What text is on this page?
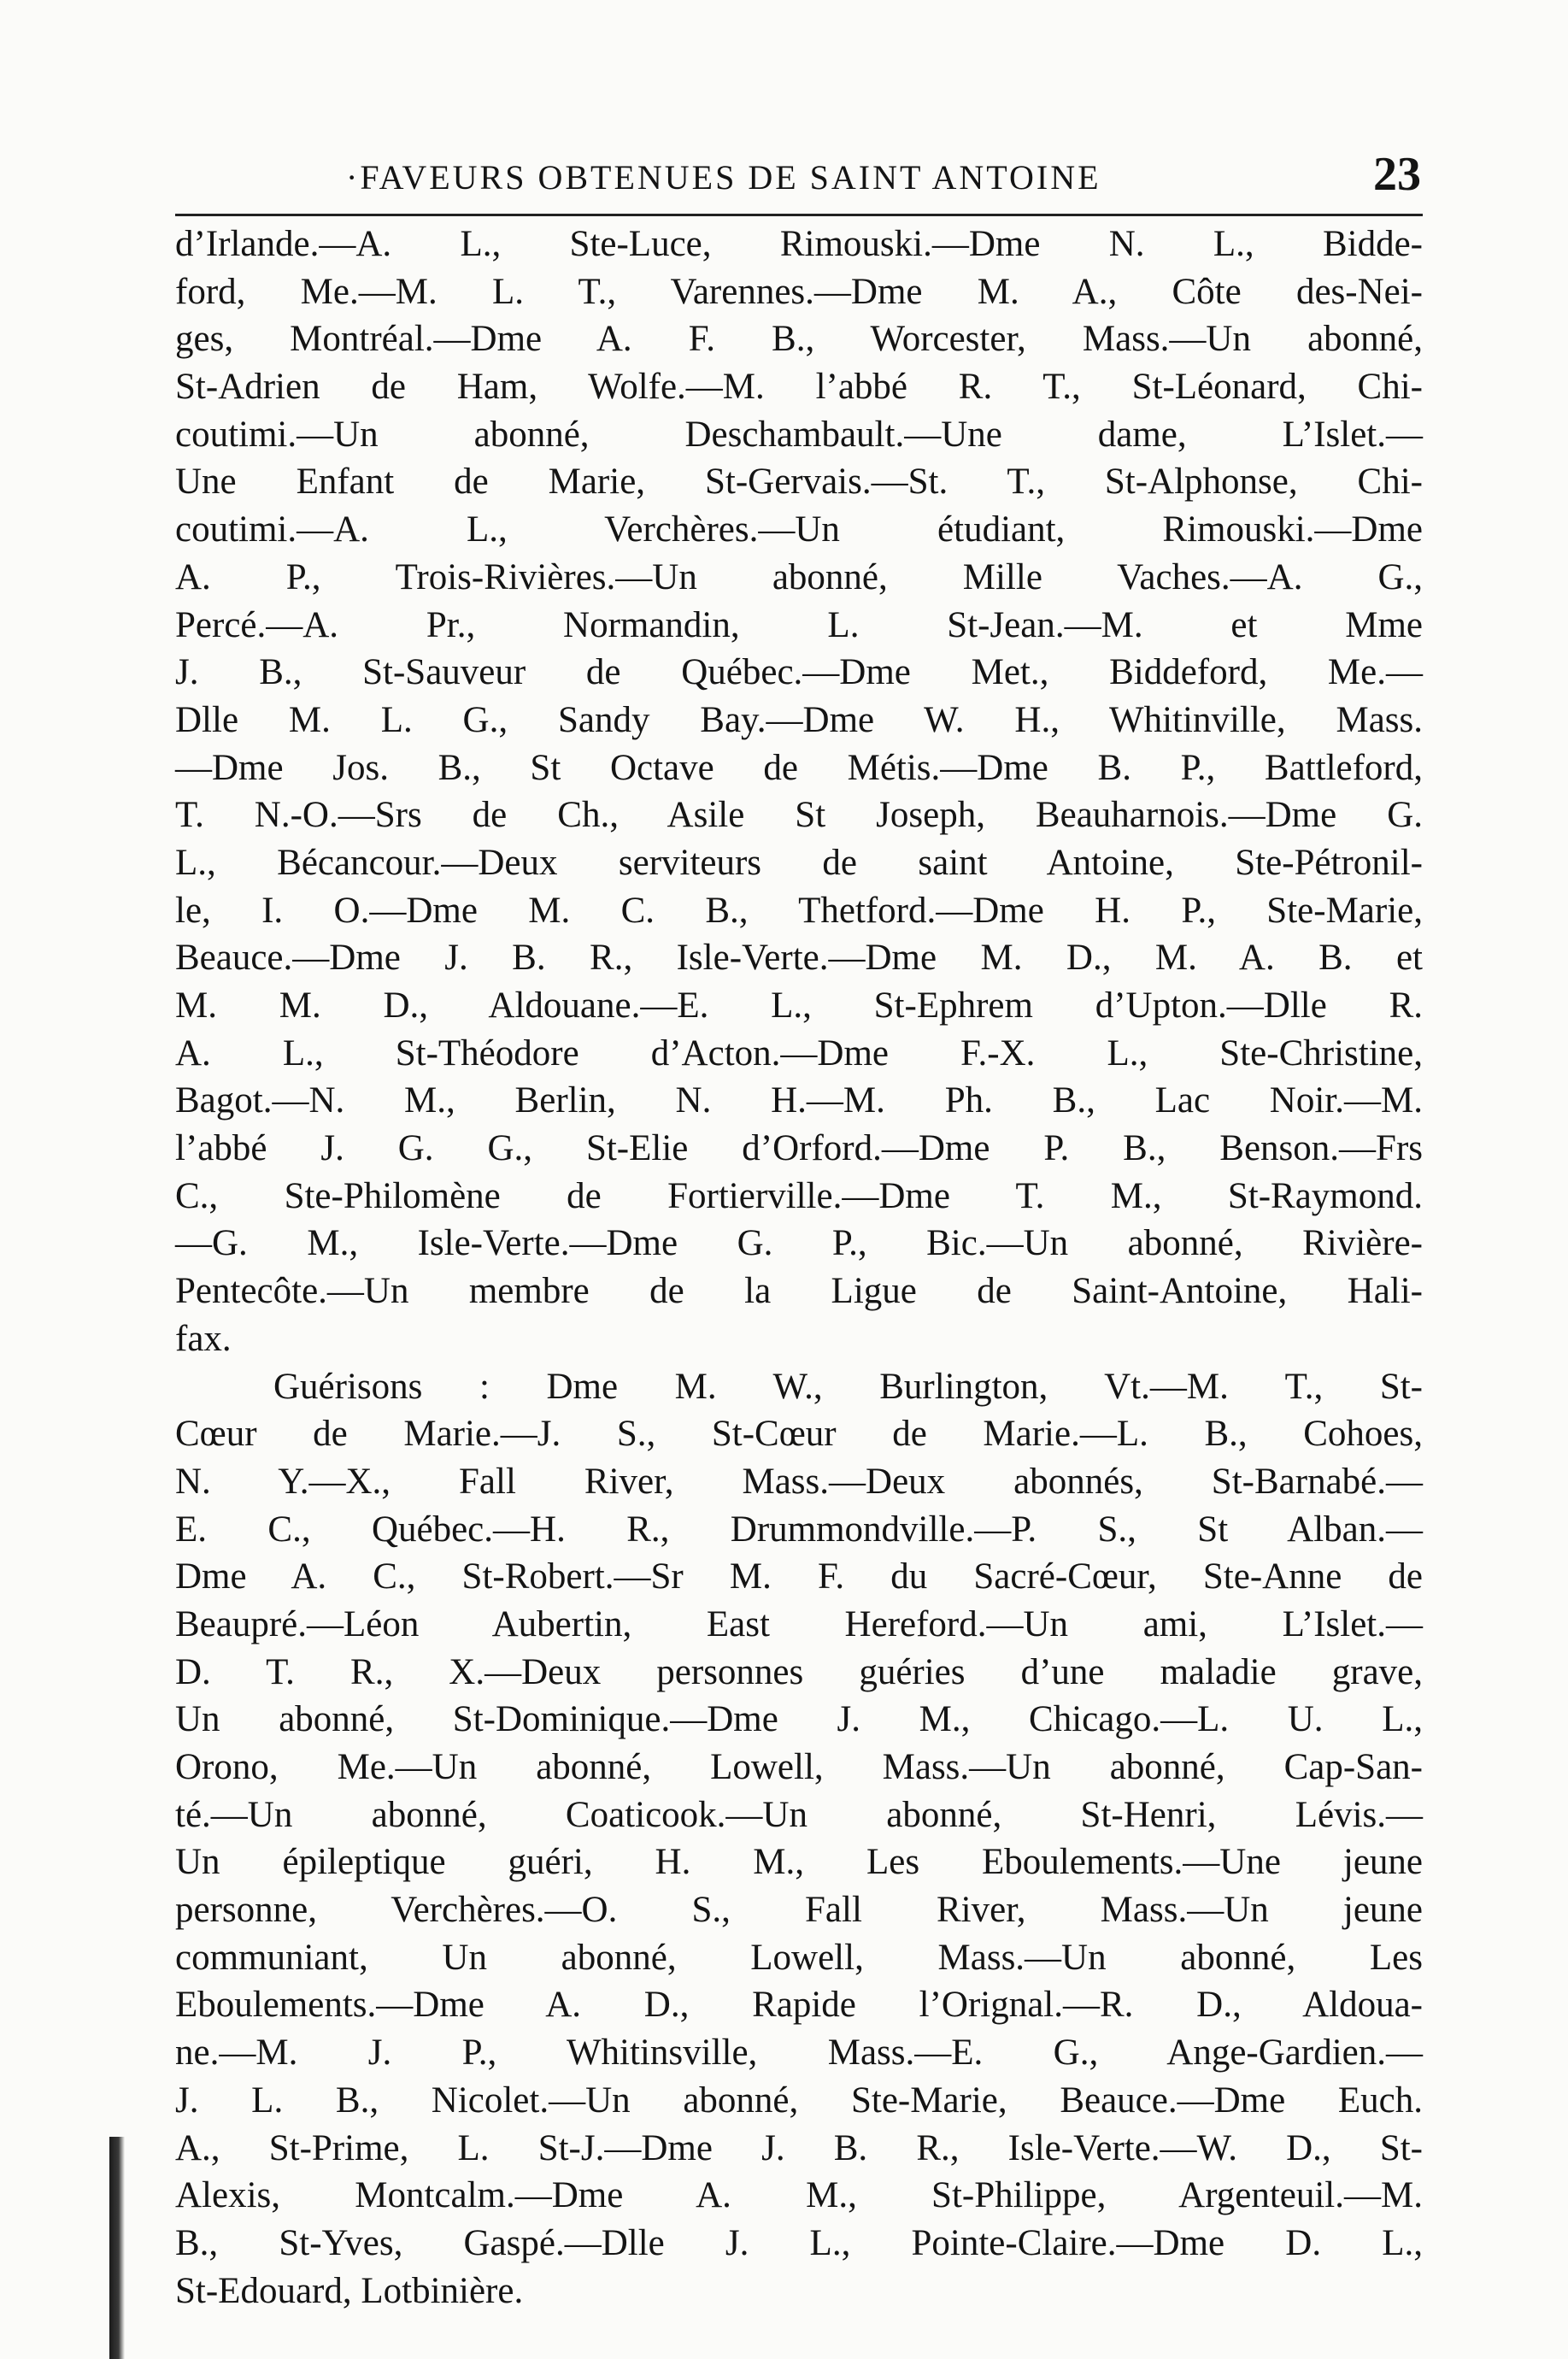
·FAVEURS OBTENUES DE SAINT ANTOINE	23
d’Irlande.—A. L., Ste-Luce, Rimouski.—Dme N. L., Bidde-
ford, Me.—M. L. T., Varennes.—Dme M. A., Côte des-Nei-
ges, Montréal.—Dme A. F. B., Worcester, Mass.—Un abonné,
St-Adrien de Ham, Wolfe.—M. l’abbé R. T., St-Léonard, Chi-
coutimi.—Un abonné, Deschambault.—Une dame, L’Islet.—
Une Enfant de Marie, St-Gervais.—St. T., St-Alphonse, Chi-
coutimi.—A. L., Verchères.—Un étudiant, Rimouski.—Dme
A. P., Trois-Rivières.—Un abonné, Mille Vaches.—A. G.,
Percé.—A. Pr., Normandin, L. St-Jean.—M. et Mme
J. B., St-Sauveur de Québec.—Dme Met., Biddeford, Me.—
Dlle M. L. G., Sandy Bay.—Dme W. H., Whitinville, Mass.
—Dme Jos. B., St Octave de Métis.—Dme B. P., Battleford,
T. N.-O.—Srs de Ch., Asile St Joseph, Beauharnois.—Dme G.
L., Bécancour.—Deux serviteurs de saint Antoine, Ste-Pétronil-
le, I. O.—Dme M. C. B., Thetford.—Dme H. P., Ste-Marie,
Beauce.—Dme J. B. R., Isle-Verte.—Dme M. D., M. A. B. et
M. M. D., Aldouane.—E. L., St-Ephrem d’Upton.—Dlle R.
A. L., St-Théodore d’Acton.—Dme F.-X. L., Ste-Christine,
Bagot.—N. M., Berlin, N. H.—M. Ph. B., Lac Noir.—M.
l’abbé J. G. G., St-Elie d’Orford.—Dme P. B., Benson.—Frs
C., Ste-Philomène de Fortierville.—Dme T. M., St-Raymond.
—G. M., Isle-Verte.—Dme G. P., Bic.—Un abonné, Rivière-
Pentecôte.—Un membre de la Ligue de Saint-Antoine, Hali-
fax.
Guérisons : Dme M. W., Burlington, Vt.—M. T., St-
Cœur de Marie.—J. S., St-Cœur de Marie.—L. B., Cohoes,
N. Y.—X., Fall River, Mass.—Deux abonnés, St-Barnabé.—
E. C., Québec.—H. R., Drummondville.—P. S., St Alban.—
Dme A. C., St-Robert.—Sr M. F. du Sacré-Cœur, Ste-Anne de
Beaupré.—Léon Aubertin, East Hereford.—Un ami, L’Islet.—
D. T. R., X.—Deux personnes guéries d’une maladie grave,
Un abonné, St-Dominique.—Dme J. M., Chicago.—L. U. L.,
Orono, Me.—Un abonné, Lowell, Mass.—Un abonné, Cap-San-
té.—Un abonné, Coaticook.—Un abonné, St-Henri, Lévis.—
Un épileptique guéri, H. M., Les Eboulements.—Une jeune
personne, Verchères.—O. S., Fall River, Mass.—Un jeune
communiant, Un abonné, Lowell, Mass.—Un abonné, Les
Eboulements.—Dme A. D., Rapide l’Orignal.—R. D., Aldoua-
ne.—M. J. P., Whitinsville, Mass.—E. G., Ange-Gardien.—
J. L. B., Nicolet.—Un abonné, Ste-Marie, Beauce.—Dme Euch.
A., St-Prime, L. St-J.—Dme J. B. R., Isle-Verte.—W. D., St-
Alexis, Montcalm.—Dme A. M., St-Philippe, Argenteuil.—M.
B., St-Yves, Gaspé.—Dlle J. L., Pointe-Claire.—Dme D. L.,
St-Edouard, Lotbinière.
